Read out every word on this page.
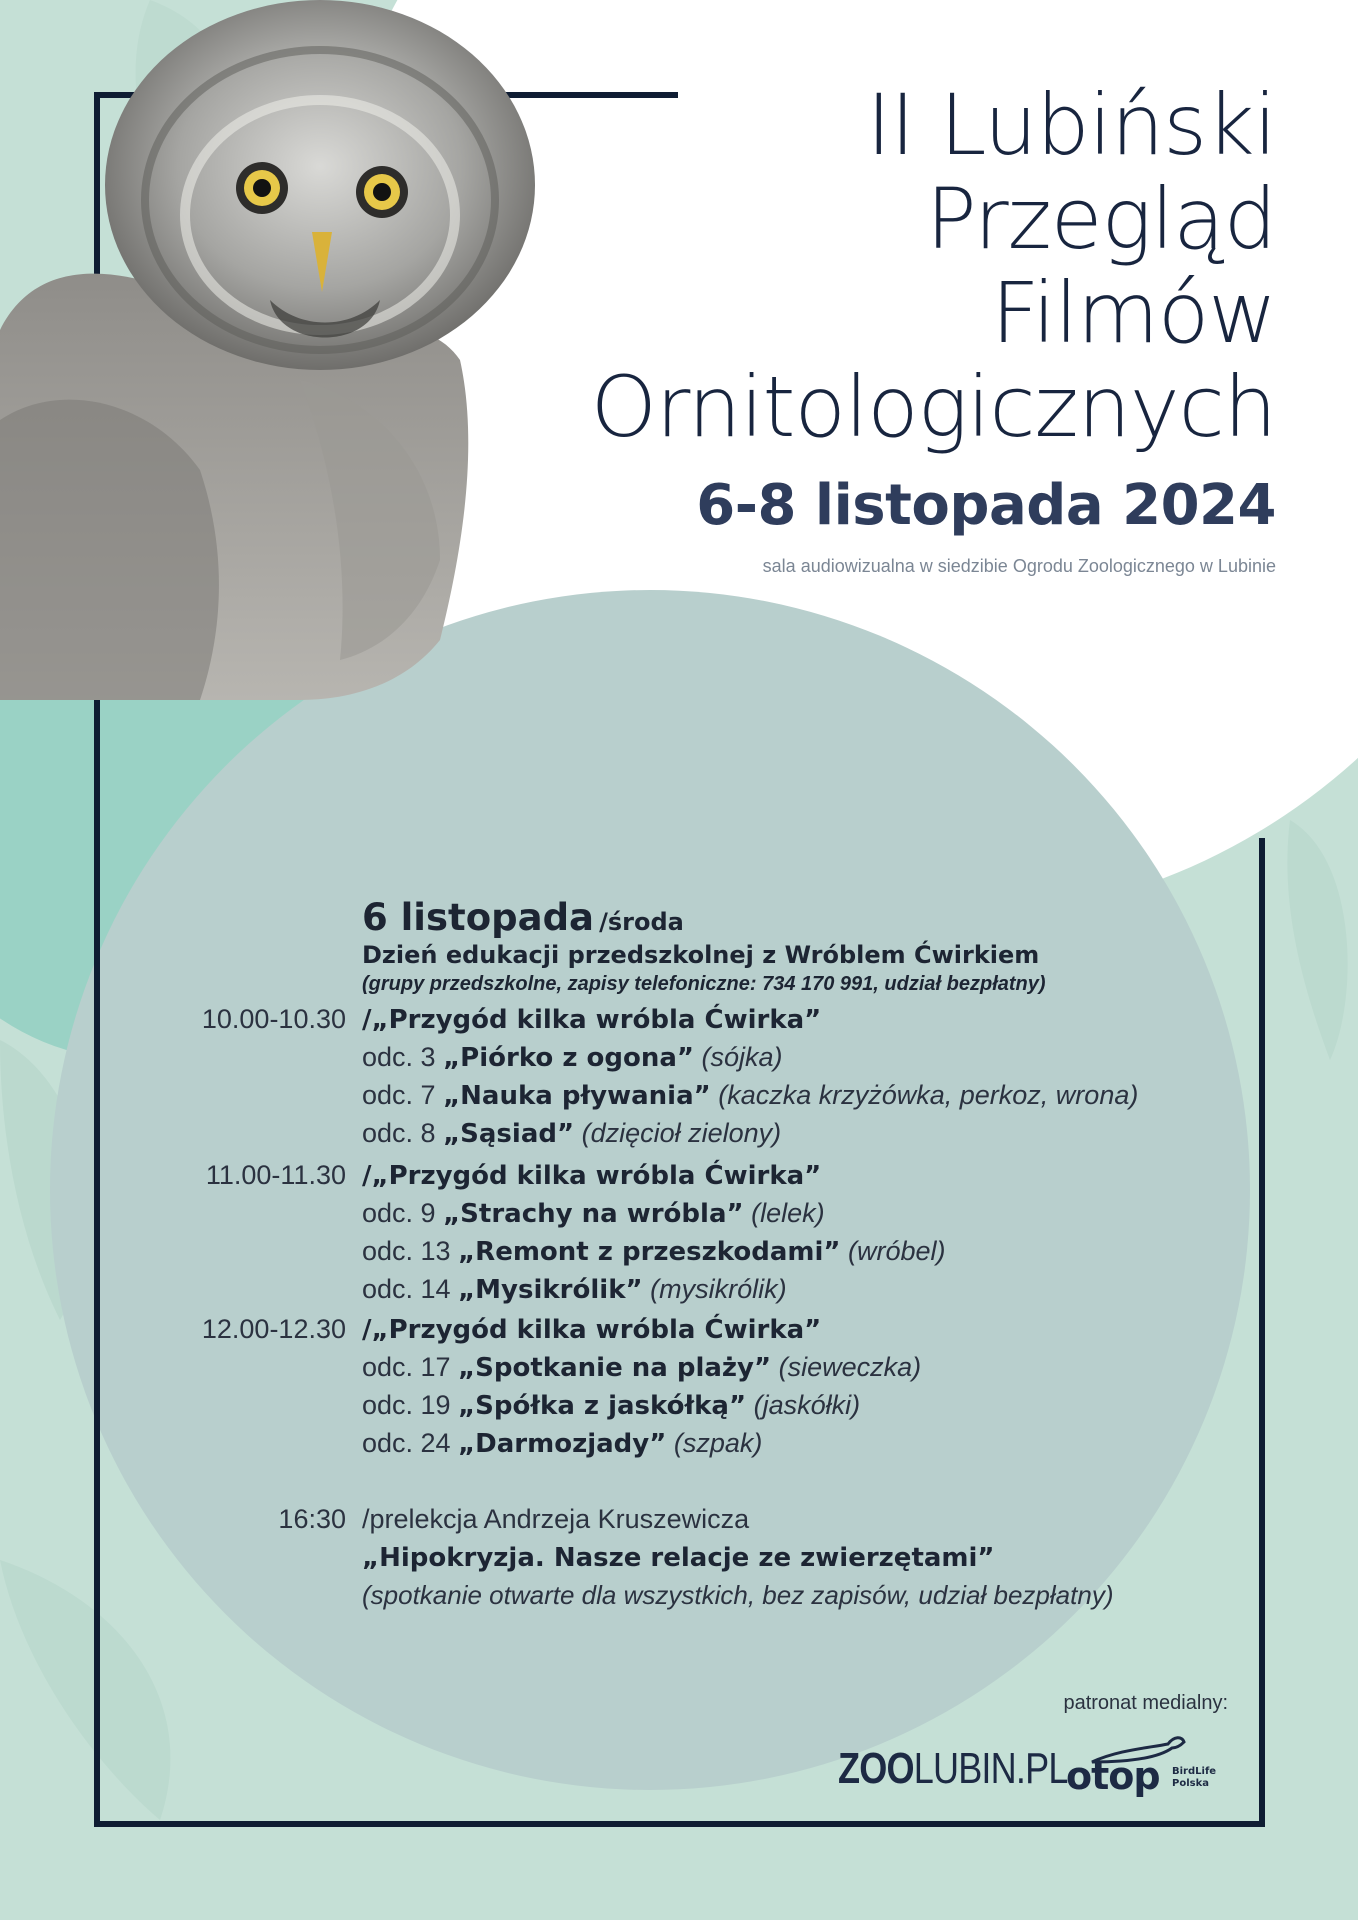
II Lubiński
Przegląd
Filmów
Ornitologicznych
6-8 listopada 2024
sala audiowizualna w siedzibie Ogrodu Zoologicznego w Lubinie
6 listopada /środa
Dzień edukacji przedszkolnej z Wróblem Ćwirkiem
(grupy przedszkolne, zapisy telefoniczne: 734 170 991, udział bezpłatny)
10.00-10.30 /„Przygód kilka wróbla Ćwirka”
odc. 3 „Piórko z ogona” (sójka)
odc. 7 „Nauka pływania” (kaczka krzyżówka, perkoz, wrona)
odc. 8 „Sąsiad” (dzięcioł zielony)
11.00-11.30 /„Przygód kilka wróbla Ćwirka”
odc. 9 „Strachy na wróbla” (lelek)
odc. 13 „Remont z przeszkodami” (wróbel)
odc. 14 „Mysikrólik” (mysikrólik)
12.00-12.30 /„Przygód kilka wróbla Ćwirka”
odc. 17 „Spotkanie na plaży” (sieweczka)
odc. 19 „Spółka z jaskółką” (jaskółki)
odc. 24 „Darmozjady” (szpak)
16:30 /prelekcja Andrzeja Kruszewicza
„Hipokryzja. Nasze relacje ze zwierzętami”
(spotkanie otwarte dla wszystkich, bez zapisów, udział bezpłatny)
patronat medialny:
ZOOLUBIN.PL
otop BirdLife
Polska
